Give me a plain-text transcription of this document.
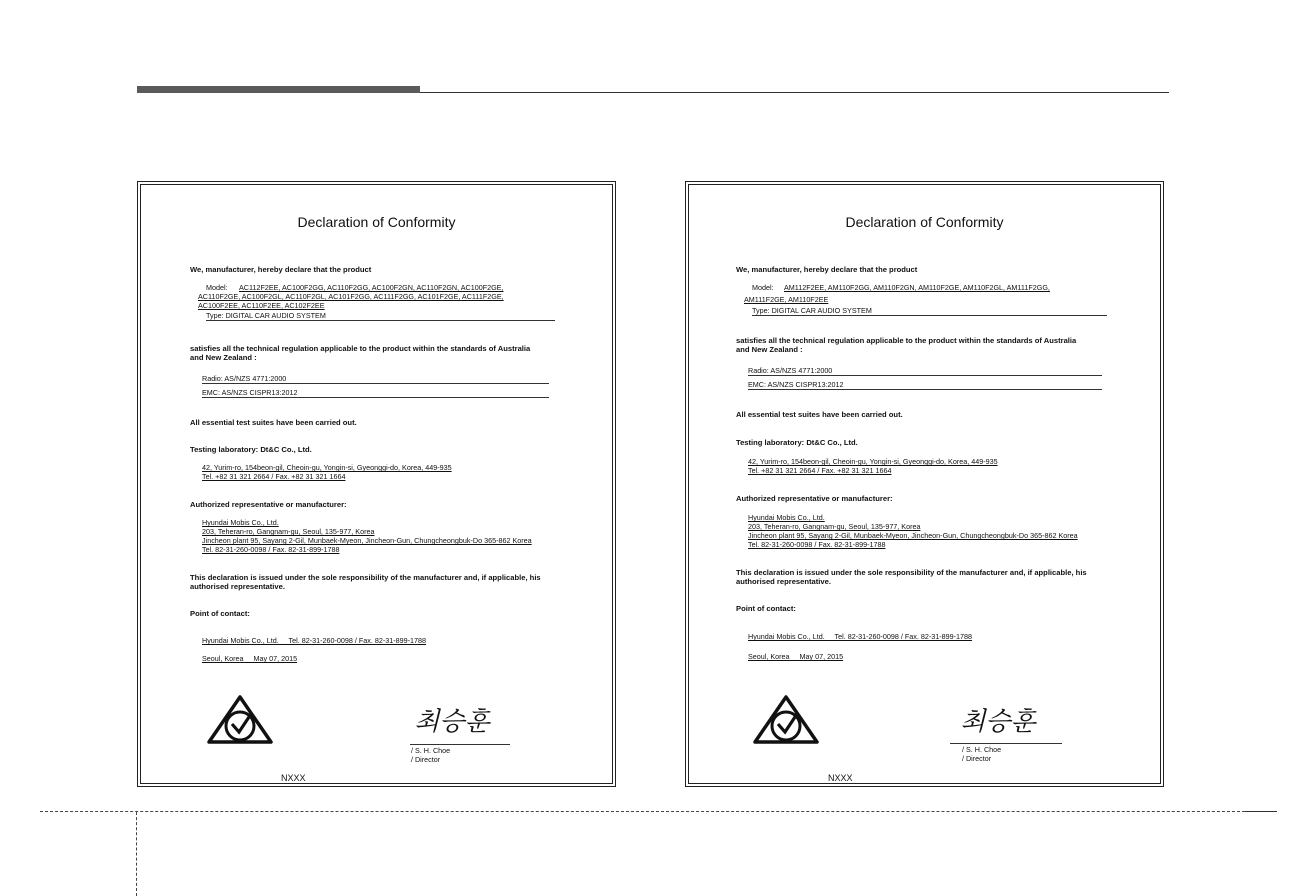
Declaration of Conformity
We, manufacturer, hereby declare that the product
Model: AC112F2EE, AC100F2GG, AC110F2GG, AC100F2GN, AC110F2GN, AC100F2GE,
AC110F2GE, AC100F2GL, AC110F2GL, AC101F2GG, AC111F2GG, AC101F2GE, AC111F2GE,
AC100F2EE, AC110F2EE, AC102F2EE
Type: DIGITAL CAR AUDIO SYSTEM
satisfies all the technical regulation applicable to the product within the standards of Australia
and New Zealand :
Radio: AS/NZS 4771:2000
EMC: AS/NZS CISPR13:2012
All essential test suites have been carried out.
Testing laboratory: Dt&C Co., Ltd.
42, Yurim-ro, 154beon-gil, Cheoin-gu, Yongin-si, Gyeonggi-do, Korea, 449-935
Tel. +82 31 321 2664 / Fax. +82 31 321 1664
Authorized representative or manufacturer:
Hyundai Mobis Co., Ltd.
203, Teheran-ro, Gangnam-gu, Seoul, 135-977, Korea
Jincheon plant 95, Sayang 2-Gil, Munbaek-Myeon, Jincheon-Gun, Chungcheongbuk-Do 365-862 Korea
Tel. 82-31-260-0098 / Fax. 82-31-899-1788
This declaration is issued under the sole responsibility of the manufacturer and, if applicable, his
authorised representative.
Point of contact:
Hyundai Mobis Co., Ltd.     Tel. 82-31-260-0098 / Fax. 82-31-899-1788
Seoul, Korea     May 07, 2015
최승훈
/ S. H. Choe
/ Director
NXXX
Declaration of Conformity
We, manufacturer, hereby declare that the product
Model: AM112F2EE, AM110F2GG, AM110F2GN, AM110F2GE, AM110F2GL, AM111F2GG,
AM111F2GE, AM110F2EE
Type: DIGITAL CAR AUDIO SYSTEM
satisfies all the technical regulation applicable to the product within the standards of Australia
and New Zealand :
Radio: AS/NZS 4771:2000
EMC: AS/NZS CISPR13:2012
All essential test suites have been carried out.
Testing laboratory: Dt&C Co., Ltd.
42, Yurim-ro, 154beon-gil, Cheoin-gu, Yongin-si, Gyeonggi-do, Korea, 449-935
Tel. +82 31 321 2664 / Fax. +82 31 321 1664
Authorized representative or manufacturer:
Hyundai Mobis Co., Ltd.
203, Teheran-ro, Gangnam-gu, Seoul, 135-977, Korea
Jincheon plant 95, Sayang 2-Gil, Munbaek-Myeon, Jincheon-Gun, Chungcheongbuk-Do 365-862 Korea
Tel. 82-31-260-0098 / Fax. 82-31-899-1788
This declaration is issued under the sole responsibility of the manufacturer and, if applicable, his
authorised representative.
Point of contact:
Hyundai Mobis Co., Ltd.     Tel. 82-31-260-0098 / Fax. 82-31-899-1788
Seoul, Korea     May 07, 2015
최승훈
/ S. H. Choe
/ Director
NXXX
